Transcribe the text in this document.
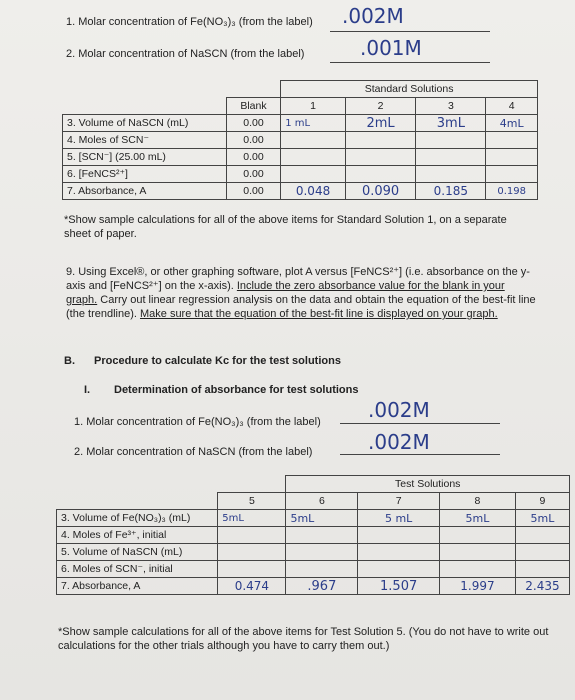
1. Molar concentration of Fe(NO₃)₃ (from the label) .002M
2. Molar concentration of NaSCN (from the label)	.001M
		Standard Solutions			
	Blank	1	2	3	4
3. Volume of NaSCN (mL)	0.00	1 mL	2mL	3mL	4mL
4. Moles of SCN⁻	0.00				
5. [SCN⁻] (25.00 mL)	0.00				
6. [FeNCS²⁺]	0.00				
7. Absorbance, A	0.00	0.048	0.090	0.185	0.198

*Show sample calculations for all of the above items for Standard Solution 1, on a separate sheet of paper.

9. Using Excel®, or other graphing software, plot A versus [FeNCS²⁺] (i.e. absorbance on the y-axis and [FeNCS²⁺] on the x-axis). Include the zero absorbance value for the blank in your graph. Carry out linear regression analysis on the data and obtain the equation of the best-fit line (the trendline). Make sure that the equation of the best-fit line is displayed on your graph.

B. Procedure to calculate Kᴄ for the test solutions
I. Determination of absorbance for test solutions
1. Molar concentration of Fe(NO₃)₃ (from the label) .002M
2. Molar concentration of NaSCN (from the label)	.002M
		Test Solutions			
	5	6	7	8	9
3. Volume of Fe(NO₃)₃ (mL)	5mL	5mL	5 mL	5mL	5mL
4. Moles of Fe³⁺, initial					
5. Volume of NaSCN (mL)					
6. Moles of SCN⁻, initial					
7. Absorbance, A	0.474	.967	1.507	1.997	2.435

*Show sample calculations for all of the above items for Test Solution 5. (You do not have to write out calculations for the other trials although you have to carry them out.)
